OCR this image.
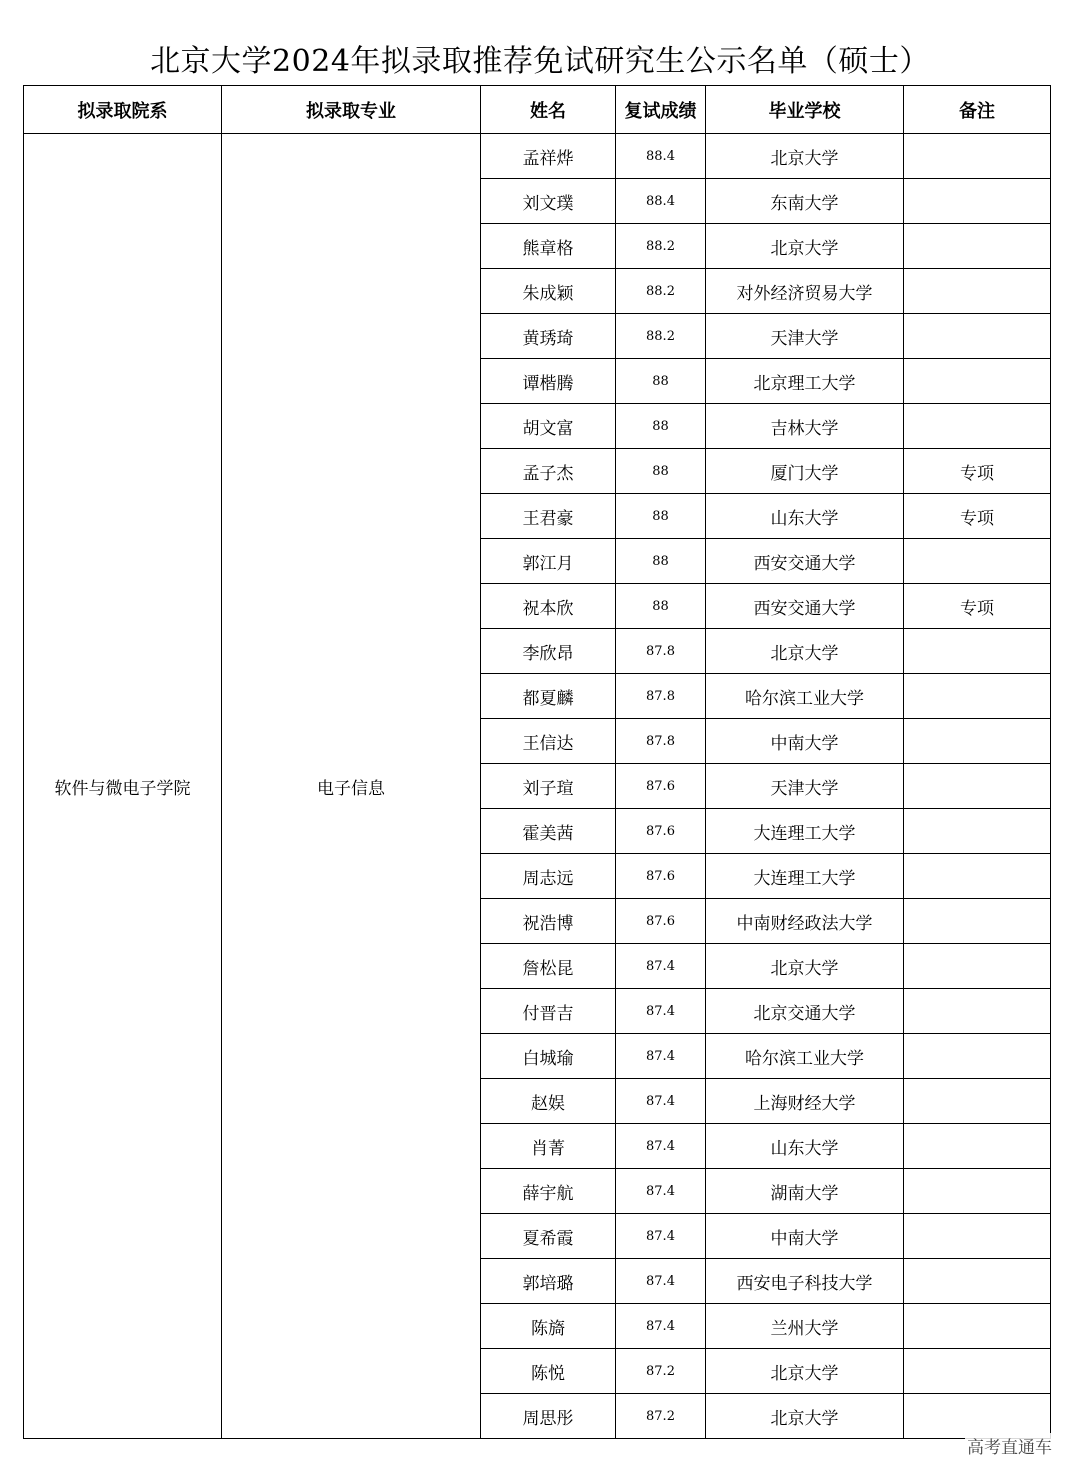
北京大学2024年拟录取推荐免试研究生公示名单（硕士）
拟录取院系	拟录取专业	姓名	复试成绩	毕业学校	备注
软件与微电子学院	电子信息	孟祥烨	88.4	北京大学	
		刘文璞	88.4	东南大学	
		熊章格	88.2	北京大学	
		朱成颖	88.2	对外经济贸易大学	
		黄琇琦	88.2	天津大学	
		谭楷腾	88	北京理工大学	
		胡文富	88	吉林大学	
		孟子杰	88	厦门大学	专项
		王君豪	88	山东大学	专项
		郭江月	88	西安交通大学	
		祝本欣	88	西安交通大学	专项
		李欣昂	87.8	北京大学	
		都夏麟	87.8	哈尔滨工业大学	
		王信达	87.8	中南大学	
		刘子瑄	87.6	天津大学	
		霍美茜	87.6	大连理工大学	
		周志远	87.6	大连理工大学	
		祝浩博	87.6	中南财经政法大学	
		詹松昆	87.4	北京大学	
		付晋吉	87.4	北京交通大学	
		白城瑜	87.4	哈尔滨工业大学	
		赵娱	87.4	上海财经大学	
		肖菁	87.4	山东大学	
		薛宇航	87.4	湖南大学	
		夏希霞	87.4	中南大学	
		郭培璐	87.4	西安电子科技大学	
		陈旖	87.4	兰州大学	
		陈悦	87.2	北京大学	
		周思彤	87.2	北京大学	
高考直通车
